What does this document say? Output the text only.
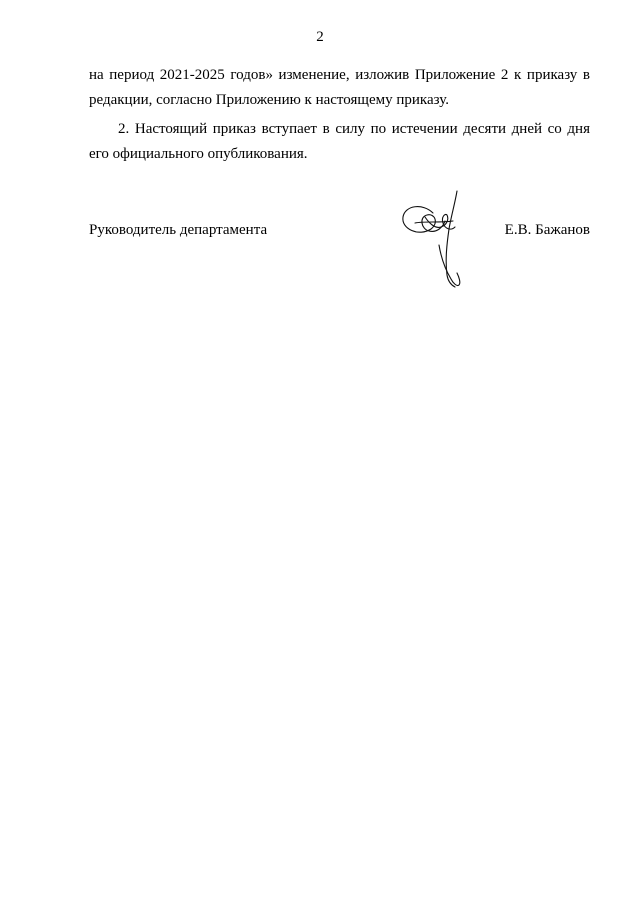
2
на период 2021-2025 годов» изменение, изложив Приложение 2 к приказу в
редакции, согласно Приложению к настоящему приказу.
2. Настоящий приказ вступает в силу по истечении десяти дней со дня
его официального опубликования.
Руководитель департамента	Е.В. Бажанов
